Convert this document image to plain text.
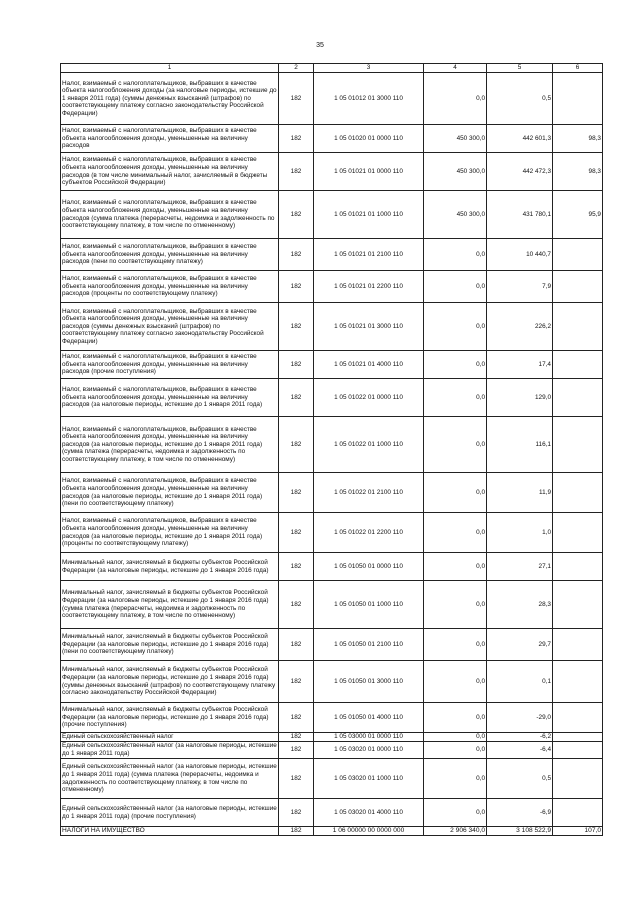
35
1	2	3	4	5	6
Налог, взимаемый с налогоплательщиков, выбравших в качестве объекта налогообложения доходы (за налоговые периоды, истекшие до 1 января 2011 года) (суммы денежных взысканий (штрафов) по соответствующему платежу согласно законодательству Российской Федерации)	182	1 05 01012 01 3000 110	0,0	0,5	
Налог, взимаемый с налогоплательщиков, выбравших в качестве объекта налогообложения доходы, уменьшенные на величину расходов	182	1 05 01020 01 0000 110	450 300,0	442 601,3	98,3
Налог, взимаемый с налогоплательщиков, выбравших в качестве объекта налогообложения доходы, уменьшенные на величину расходов (в том числе минимальный налог, зачисляемый в бюджеты субъектов Российской Федерации)	182	1 05 01021 01 0000 110	450 300,0	442 472,3	98,3
Налог, взимаемый с налогоплательщиков, выбравших в качестве объекта налогообложения доходы, уменьшенные на величину расходов (сумма платежа (перерасчеты, недоимка и задолженность по соответствующему платежу, в том числе по отмененному)	182	1 05 01021 01 1000 110	450 300,0	431 780,1	95,9
Налог, взимаемый с налогоплательщиков, выбравших в качестве объекта налогообложения доходы, уменьшенные на величину расходов (пени по соответствующему платежу)	182	1 05 01021 01 2100 110	0,0	10 440,7	
Налог, взимаемый с налогоплательщиков, выбравших в качестве объекта налогообложения доходы, уменьшенные на величину расходов (проценты по соответствующему платежу)	182	1 05 01021 01 2200 110	0,0	7,9	
Налог, взимаемый с налогоплательщиков, выбравших в качестве объекта налогообложения доходы, уменьшенные на величину расходов (суммы денежных взысканий (штрафов) по соответствующему платежу согласно законодательству Российской Федерации)	182	1 05 01021 01 3000 110	0,0	226,2	
Налог, взимаемый с налогоплательщиков, выбравших в качестве объекта налогообложения доходы, уменьшенные на величину расходов (прочие поступления)	182	1 05 01021 01 4000 110	0,0	17,4	
Налог, взимаемый с налогоплательщиков, выбравших в качестве объекта налогообложения доходы, уменьшенные на величину расходов (за налоговые периоды, истекшие до 1 января 2011 года)	182	1 05 01022 01 0000 110	0,0	129,0	
Налог, взимаемый с налогоплательщиков, выбравших в качестве объекта налогообложения доходы, уменьшенные на величину расходов (за налоговые периоды, истекшие до 1 января 2011 года) (сумма платежа (перерасчеты, недоимка и задолженность по соответствующему платежу, в том числе по отмененному)	182	1 05 01022 01 1000 110	0,0	116,1	
Налог, взимаемый с налогоплательщиков, выбравших в качестве объекта налогообложения доходы, уменьшенные на величину расходов (за налоговые периоды, истекшие до 1 января 2011 года) (пени по соответствующему платежу)	182	1 05 01022 01 2100 110	0,0	11,9	
Налог, взимаемый с налогоплательщиков, выбравших в качестве объекта налогообложения доходы, уменьшенные на величину расходов (за налоговые периоды, истекшие до 1 января 2011 года) (проценты по соответствующему платежу)	182	1 05 01022 01 2200 110	0,0	1,0	
Минимальный налог, зачисляемый в бюджеты субъектов Российской Федерации (за налоговые периоды, истекшие до 1 января 2016 года)	182	1 05 01050 01 0000 110	0,0	27,1	
Минимальный налог, зачисляемый в бюджеты субъектов Российской Федерации (за налоговые периоды, истекшие до 1 января 2016 года) (сумма платежа (перерасчеты, недоимка и задолженность по соответствующему платежу, в том числе по отмененному)	182	1 05 01050 01 1000 110	0,0	28,3	
Минимальный налог, зачисляемый в бюджеты субъектов Российской Федерации (за налоговые периоды, истекшие до 1 января 2016 года) (пени по соответствующему платежу)	182	1 05 01050 01 2100 110	0,0	29,7	
Минимальный налог, зачисляемый в бюджеты субъектов Российской Федерации (за налоговые периоды, истекшие до 1 января 2016 года) (суммы денежных взысканий (штрафов) по соответствующему платежу согласно законодательству Российской Федерации)	182	1 05 01050 01 3000 110	0,0	0,1	
Минимальный налог, зачисляемый в бюджеты субъектов Российской Федерации (за налоговые периоды, истекшие до 1 января 2016 года) (прочие поступления)	182	1 05 01050 01 4000 110	0,0	-29,0	
Единый сельскохозяйственный налог	182	1 05 03000 01 0000 110	0,0	-6,2	
Единый сельскохозяйственный налог (за налоговые периоды, истекшие до 1 января 2011 года)	182	1 05 03020 01 0000 110	0,0	-6,4	
Единый сельскохозяйственный налог (за налоговые периоды, истекшие до 1 января 2011 года) (сумма платежа (перерасчеты, недоимка и задолженность по соответствующему платежу, в том числе по отмененному)	182	1 05 03020 01 1000 110	0,0	0,5	
Единый сельскохозяйственный налог (за налоговые периоды, истекшие до 1 января 2011 года) (прочие поступления)	182	1 05 03020 01 4000 110	0,0	-6,9	
НАЛОГИ НА ИМУЩЕСТВО	182	1 06 00000 00 0000 000	2 906 340,0	3 108 522,9	107,0
